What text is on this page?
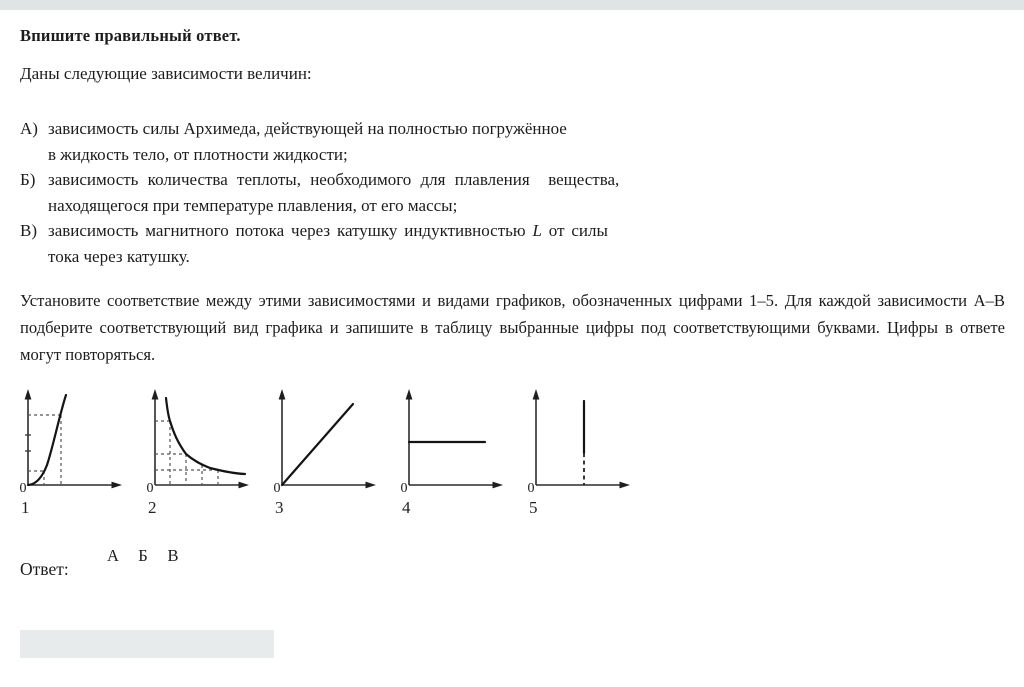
Впишите правильный ответ.

Даны следующие зависимости величин:

А) зависимость силы Архимеда, действующей на полностью погружённое
в жидкость тело, от плотности жидкости;
Б) зависимость количества теплоты, необходимого для плавления  вещества,
находящегося при температуре плавления, от его массы;
В) зависимость магнитного потока через катушку индуктивностью L от силы
тока через катушку.

Установите соответствие между этими зависимостями и видами графиков, обозначенных цифрами 1–5. Для каждой зависимости А–В подберите соответствующий вид графика и запишите в таблицу выбранные цифры под соответствующими буквами. Цифры в ответе могут повторяться.

0
1
0
2
0
3
0
4
0
5
Ответ:
А	Б	В
